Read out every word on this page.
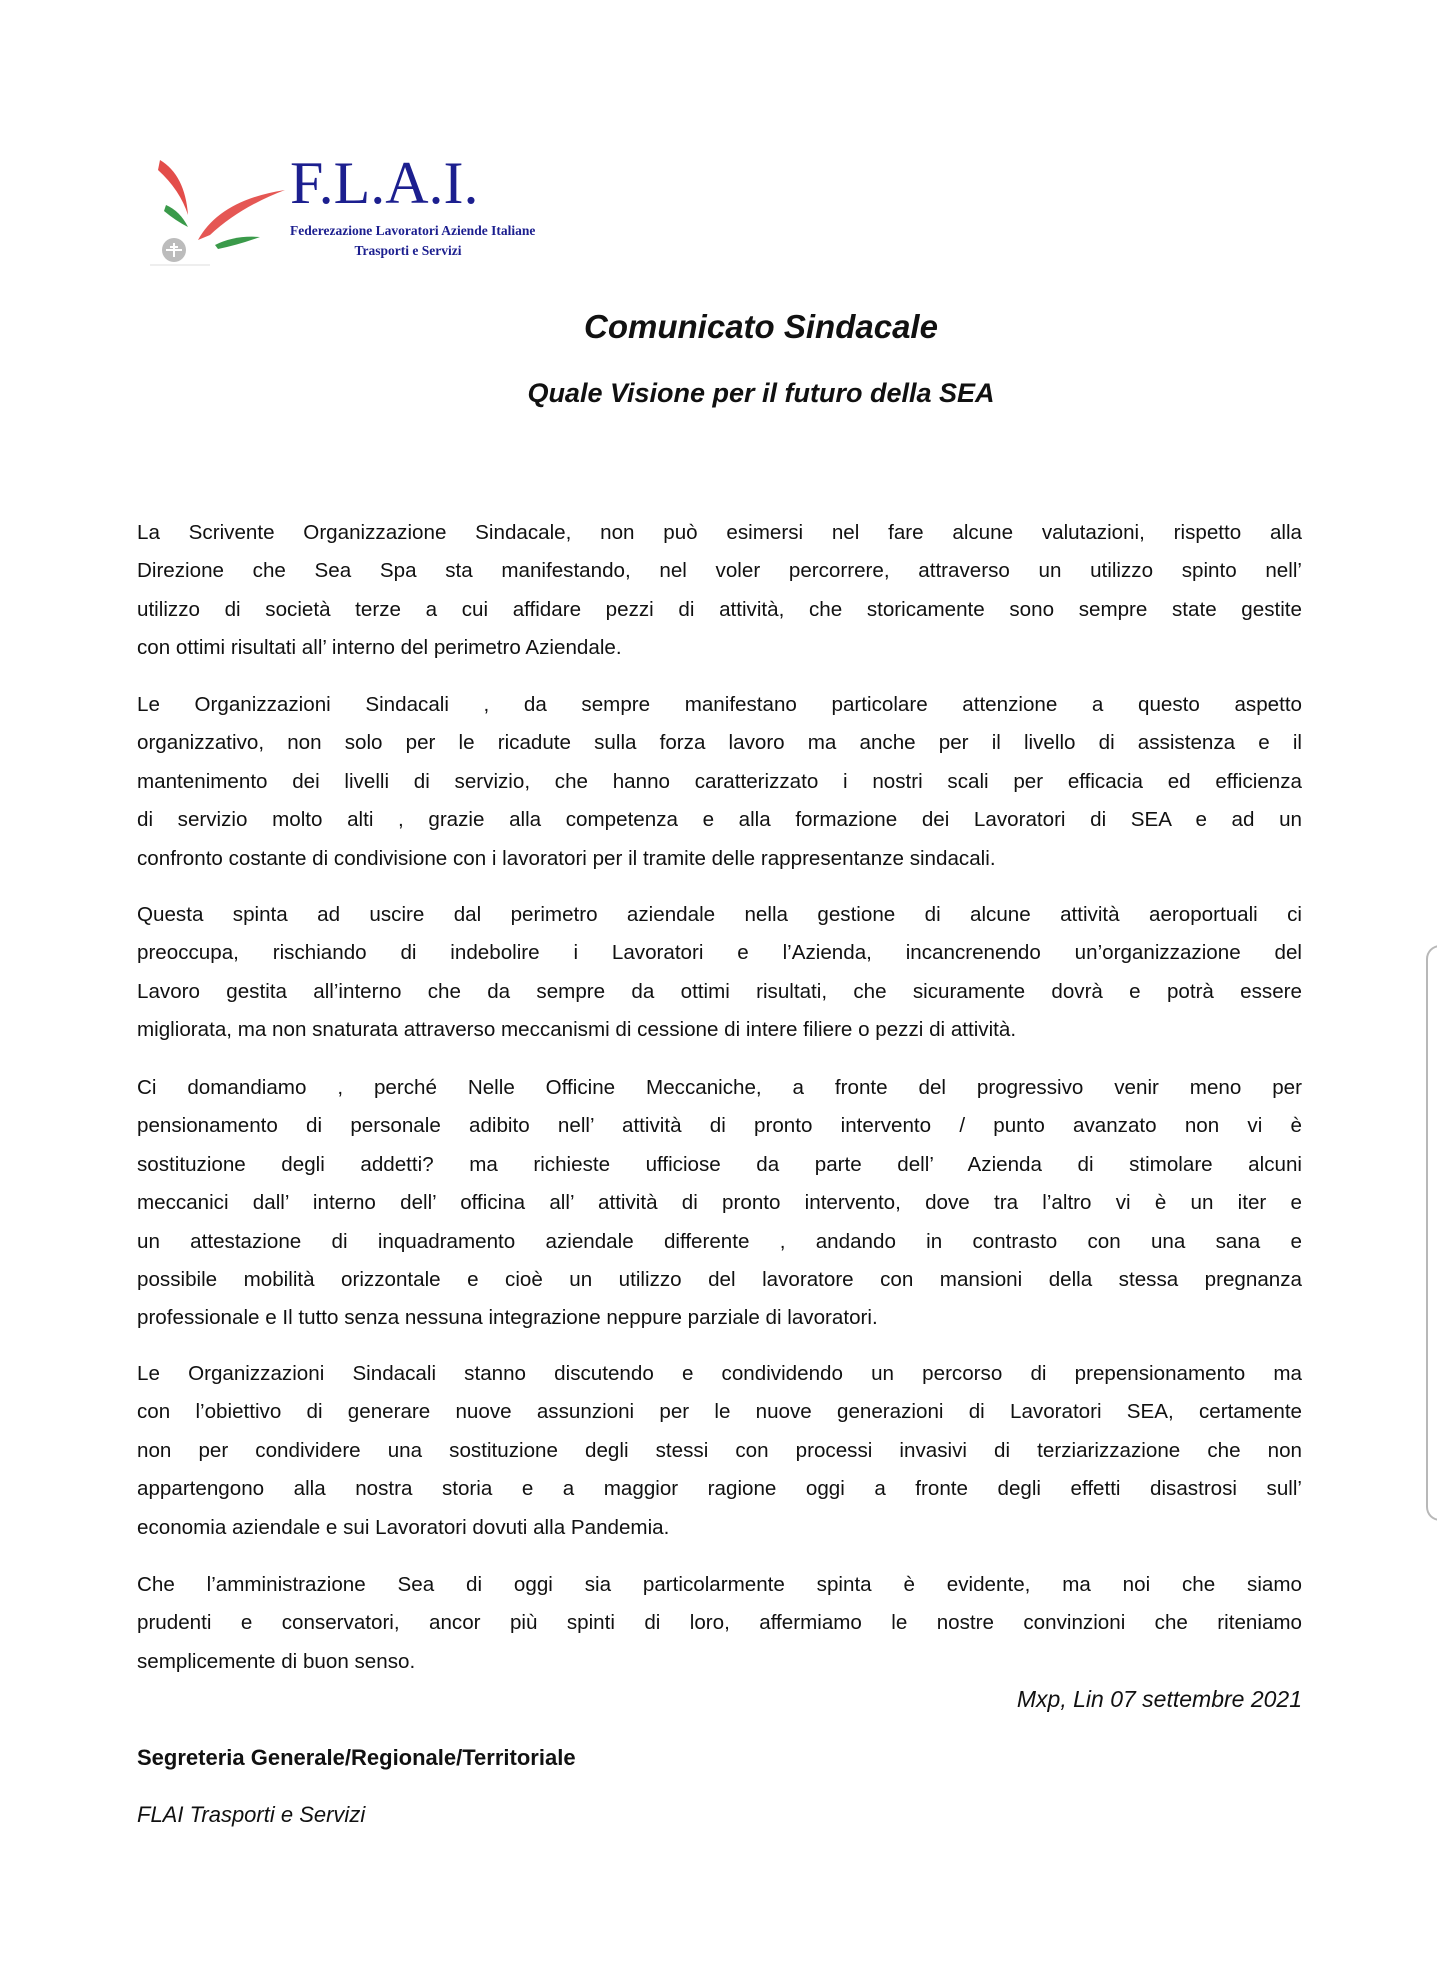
F.L.A.I.
Federezazione Lavoratori Aziende Italiane
Trasporti e Servizi
Comunicato Sindacale
Quale Visione per il futuro della SEA
La Scrivente Organizzazione Sindacale, non può esimersi nel fare alcune valutazioni, rispetto alla
Direzione che Sea Spa sta manifestando, nel voler percorrere, attraverso un utilizzo spinto nell’
utilizzo di società terze a cui affidare pezzi di attività, che storicamente sono sempre state gestite
con ottimi risultati all’ interno del perimetro Aziendale.
Le Organizzazioni Sindacali , da sempre manifestano particolare attenzione a questo aspetto
organizzativo, non solo per le ricadute sulla forza lavoro ma anche per il livello di assistenza e il
mantenimento dei livelli di servizio, che hanno caratterizzato i nostri scali per efficacia ed efficienza
di servizio molto alti , grazie alla competenza e alla formazione dei Lavoratori di SEA e ad un
confronto costante di condivisione con i lavoratori per il tramite delle rappresentanze sindacali.
Questa spinta ad uscire dal perimetro aziendale nella gestione di alcune attività aeroportuali ci
preoccupa, rischiando di indebolire i Lavoratori e l’Azienda, incancrenendo un’organizzazione del
Lavoro gestita all’interno che da sempre da ottimi risultati, che sicuramente dovrà e potrà essere
migliorata, ma non snaturata attraverso meccanismi di cessione di intere filiere o pezzi di attività.
Ci domandiamo , perché Nelle Officine Meccaniche, a fronte del progressivo venir meno per
pensionamento di personale adibito nell’ attività di pronto intervento / punto avanzato non vi è
sostituzione degli addetti? ma richieste ufficiose da parte dell’ Azienda di stimolare alcuni
meccanici dall’ interno dell’ officina all’ attività di pronto intervento, dove tra l’altro vi è un iter e
un attestazione di inquadramento aziendale differente , andando in contrasto con una sana e
possibile mobilità orizzontale e cioè un utilizzo del lavoratore con mansioni della stessa pregnanza
professionale e Il tutto senza nessuna integrazione neppure parziale di lavoratori.
Le Organizzazioni Sindacali stanno discutendo e condividendo un percorso di prepensionamento ma
con l’obiettivo di generare nuove assunzioni per le nuove generazioni di Lavoratori SEA, certamente
non per condividere una sostituzione degli stessi con processi invasivi di terziarizzazione che non
appartengono alla nostra storia e a maggior ragione oggi a fronte degli effetti disastrosi sull’
economia aziendale e sui Lavoratori dovuti alla Pandemia.
Che l’amministrazione Sea di oggi sia particolarmente spinta è evidente, ma noi che siamo
prudenti e conservatori, ancor più spinti di loro, affermiamo le nostre convinzioni che riteniamo
semplicemente di buon senso.
Mxp, Lin 07 settembre 2021
Segreteria Generale/Regionale/Territoriale
FLAI Trasporti e Servizi
